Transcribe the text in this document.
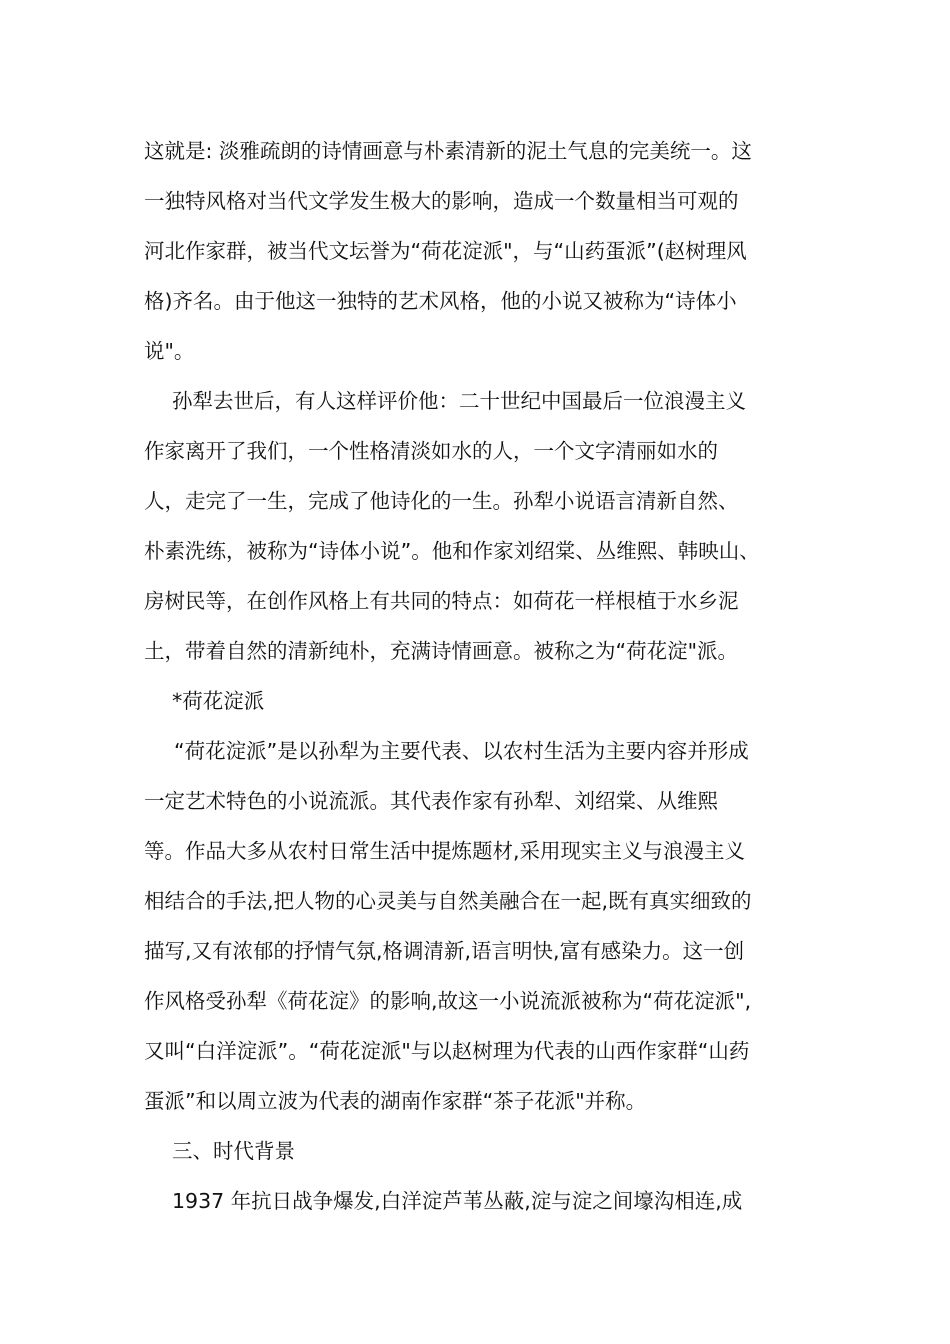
这就是: 淡雅疏朗的诗情画意与朴素清新的泥土气息的完美统一。这
一独特风格对当代文学发生极大的影响，造成一个数量相当可观的
河北作家群，被当代文坛誉为“荷花淀派"，与“山药蛋派”(赵树理风
格)齐名。由于他这一独特的艺术风格，他的小说又被称为“诗体小
说"。
孙犁去世后，有人这样评价他：二十世纪中国最后一位浪漫主义
作家离开了我们，一个性格清淡如水的人，一个文字清丽如水的
人，走完了一生，完成了他诗化的一生。孙犁小说语言清新自然、
朴素洗练，被称为“诗体小说”。他和作家刘绍棠、丛维熙、韩映山、
房树民等，在创作风格上有共同的特点：如荷花一样根植于水乡泥
土，带着自然的清新纯朴，充满诗情画意。被称之为“荷花淀"派。
*荷花淀派
“荷花淀派”是以孙犁为主要代表、以农村生活为主要内容并形成
一定艺术特色的小说流派。其代表作家有孙犁、刘绍棠、从维熙
等。作品大多从农村日常生活中提炼题材,采用现实主义与浪漫主义
相结合的手法,把人物的心灵美与自然美融合在一起,既有真实细致的
描写,又有浓郁的抒情气氛,格调清新,语言明快,富有感染力。这一创
作风格受孙犁《荷花淀》的影响,故这一小说流派被称为“荷花淀派",
又叫“白洋淀派”。“荷花淀派"与以赵树理为代表的山西作家群“山药
蛋派”和以周立波为代表的湖南作家群“茶子花派"并称。
三、时代背景
1937 年抗日战争爆发,白洋淀芦苇丛蔽,淀与淀之间壕沟相连,成
